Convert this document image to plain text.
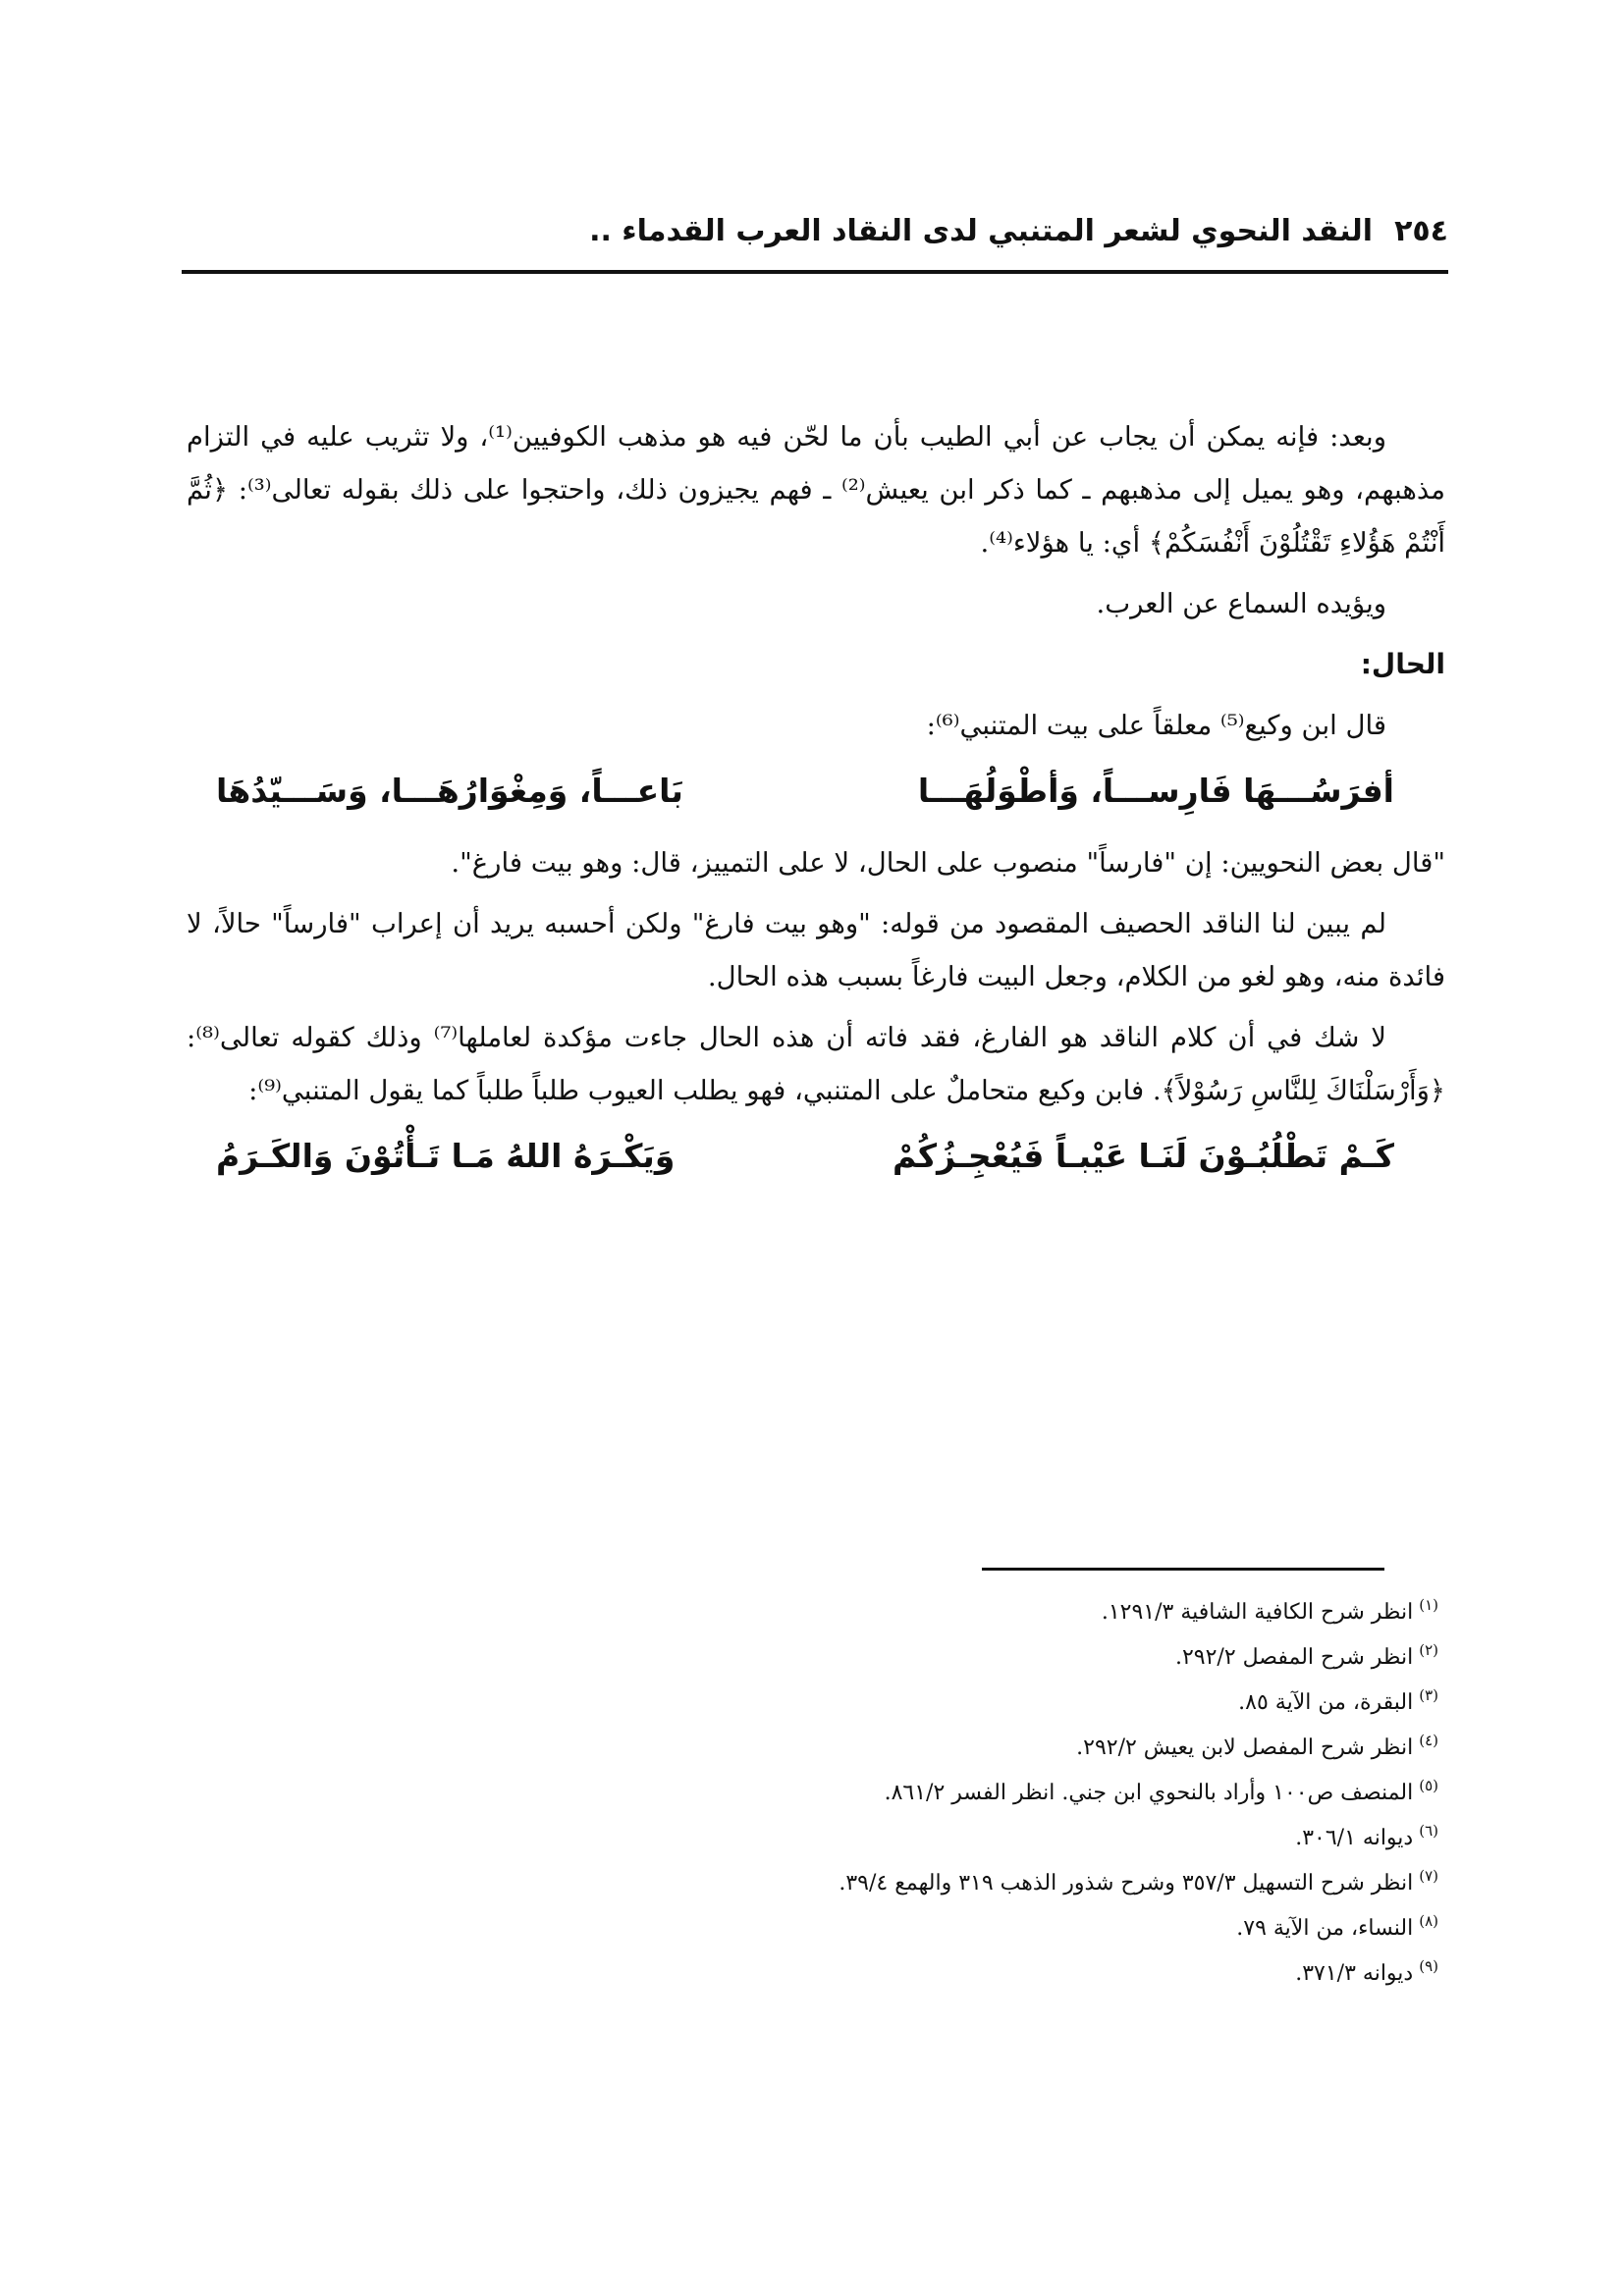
٢٥٤
النقد النحوي لشعر المتنبي لدى النقاد العرب القدماء ..

وبعد: فإنه يمكن أن يجاب عن أبي الطيب بأن ما لحّن فيه هو مذهب الكوفيين⁽¹⁾، ولا تثريب عليه في التزام مذهبهم، وهو يميل إلى مذهبهم ـ كما ذكر ابن يعيش⁽²⁾ ـ فهم يجيزون ذلك، واحتجوا على ذلك بقوله تعالى⁽³⁾: ﴿ثُمَّ أَنْتُمْ هَؤُلاءِ تَقْتُلُوْنَ أَنْفُسَكُمْ﴾ أي: يا هؤلاء⁽⁴⁾.

ويؤيده السماع عن العرب.

الحال:

قال ابن وكيع⁽⁵⁾ معلقاً على بيت المتنبي⁽⁶⁾:

أفرَسُـــهَا فَارِســـاً، وَأطْوَلُهَـــا
بَاعـــاً، وَمِغْوَارُهَـــا، وَسَـــيّدُهَا

"قال بعض النحويين: إن "فارساً" منصوب على الحال، لا على التمييز، قال: وهو بيت فارغ".

لم يبين لنا الناقد الحصيف المقصود من قوله: "وهو بيت فارغ" ولكن أحسبه يريد أن إعراب "فارساً" حالاً، لا فائدة منه، وهو لغو من الكلام، وجعل البيت فارغاً بسبب هذه الحال.

لا شك في أن كلام الناقد هو الفارغ، فقد فاته أن هذه الحال جاءت مؤكدة لعاملها⁽⁷⁾ وذلك كقوله تعالى⁽⁸⁾: ﴿وَأَرْسَلْنَاكَ لِلنَّاسِ رَسُوْلاً﴾. فابن وكيع متحاملٌ على المتنبي، فهو يطلب العيوب طلباً طلباً كما يقول المتنبي⁽⁹⁾:

كَـمْ تَطْلُبُـوْنَ لَنَـا عَيْبـاً فَيُعْجِـزُكُمْ
وَيَكْـرَهُ اللهُ مَـا تَـأْتُوْنَ وَالكَـرَمُ
(١)
انظر شرح الكافية الشافية ١٢٩١/٣.
(٢)
انظر شرح المفصل ٢٩٢/٢.
(٣)
البقرة، من الآية ٨٥.
(٤)
انظر شرح المفصل لابن يعيش ٢٩٢/٢.
(٥)
المنصف ص١٠٠ وأراد بالنحوي ابن جني. انظر الفسر ٨٦١/٢.
(٦)
ديوانه ٣٠٦/١.
(٧)
انظر شرح التسهيل ٣٥٧/٣ وشرح شذور الذهب ٣١٩ والهمع ٣٩/٤.
(٨)
النساء، من الآية ٧٩.
(٩)
ديوانه ٣٧١/٣.
